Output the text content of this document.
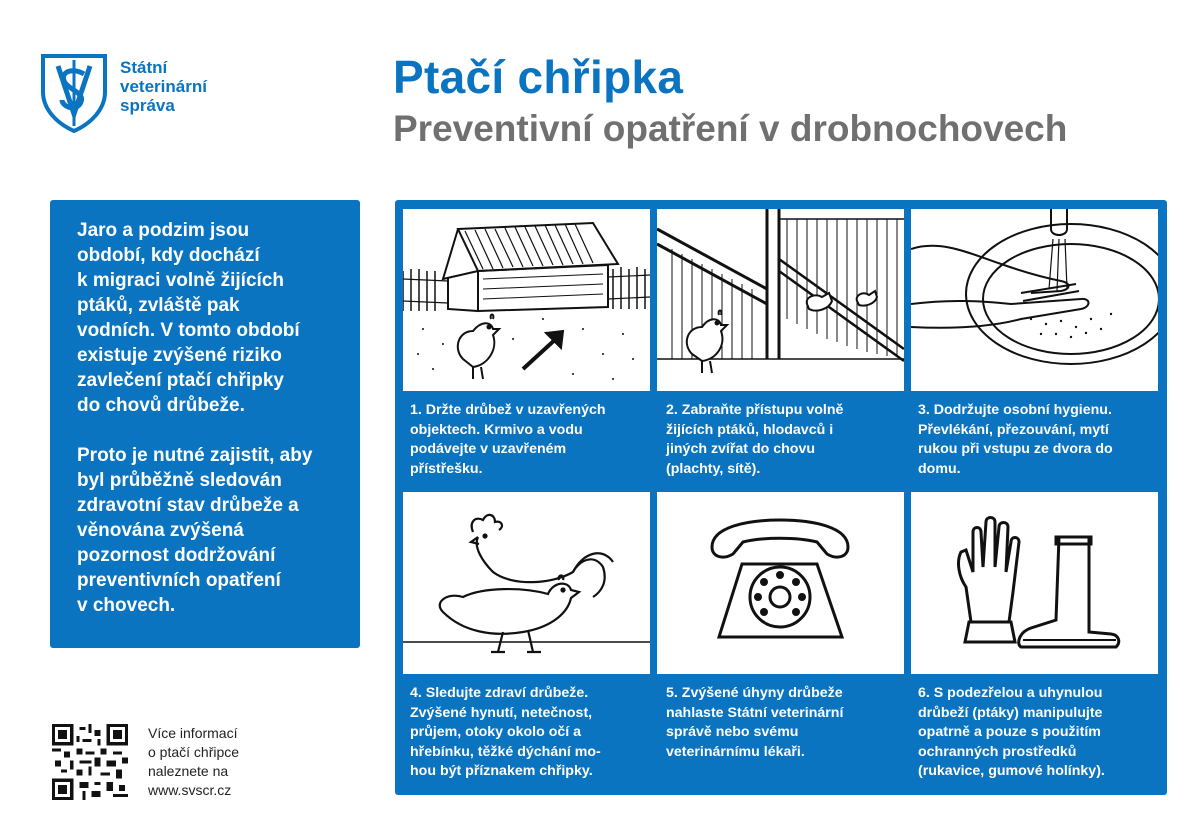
Státní
veterinární
správa
Ptačí chřipka
Preventivní opatření v drobnochovech

Jaro a podzim jsou
období, kdy dochází
k migraci volně žijících
ptáků, zvláště pak
vodních. V tomto období
existuje zvýšené riziko
zavlečení ptačí chřipky
do chovů drůbeže.

Proto je nutné zajistit, aby
byl průběžně sledován
zdravotní stav drůbeže a
věnována zvýšená
pozornost dodržování
preventivních opatření
v chovech.

Více informací
o ptačí chřipce
naleznete na
www.svscr.cz
1. Držte drůbež v uzavřených
objektech. Krmivo a vodu
podávejte v uzavřeném
přístřešku.
2. Zabraňte přístupu volně
žijících ptáků, hlodavců i
jiných zvířat do chovu
(plachty, sítě).
3. Dodržujte osobní hygienu.
Převlékání, přezouvání, mytí
rukou při vstupu ze dvora do
domu.
4. Sledujte zdraví drůbeže.
Zvýšené hynutí, netečnost,
průjem, otoky okolo očí a
hřebínku, těžké dýchání mo-
hou být příznakem chřipky.
5. Zvýšené úhyny drůbeže
nahlaste Státní veterinární
správě nebo svému
veterinárnímu lékaři.
6. S podezřelou a uhynulou
drůbeží (ptáky) manipulujte
opatrně a pouze s použitím
ochranných prostředků
(rukavice, gumové holínky).
